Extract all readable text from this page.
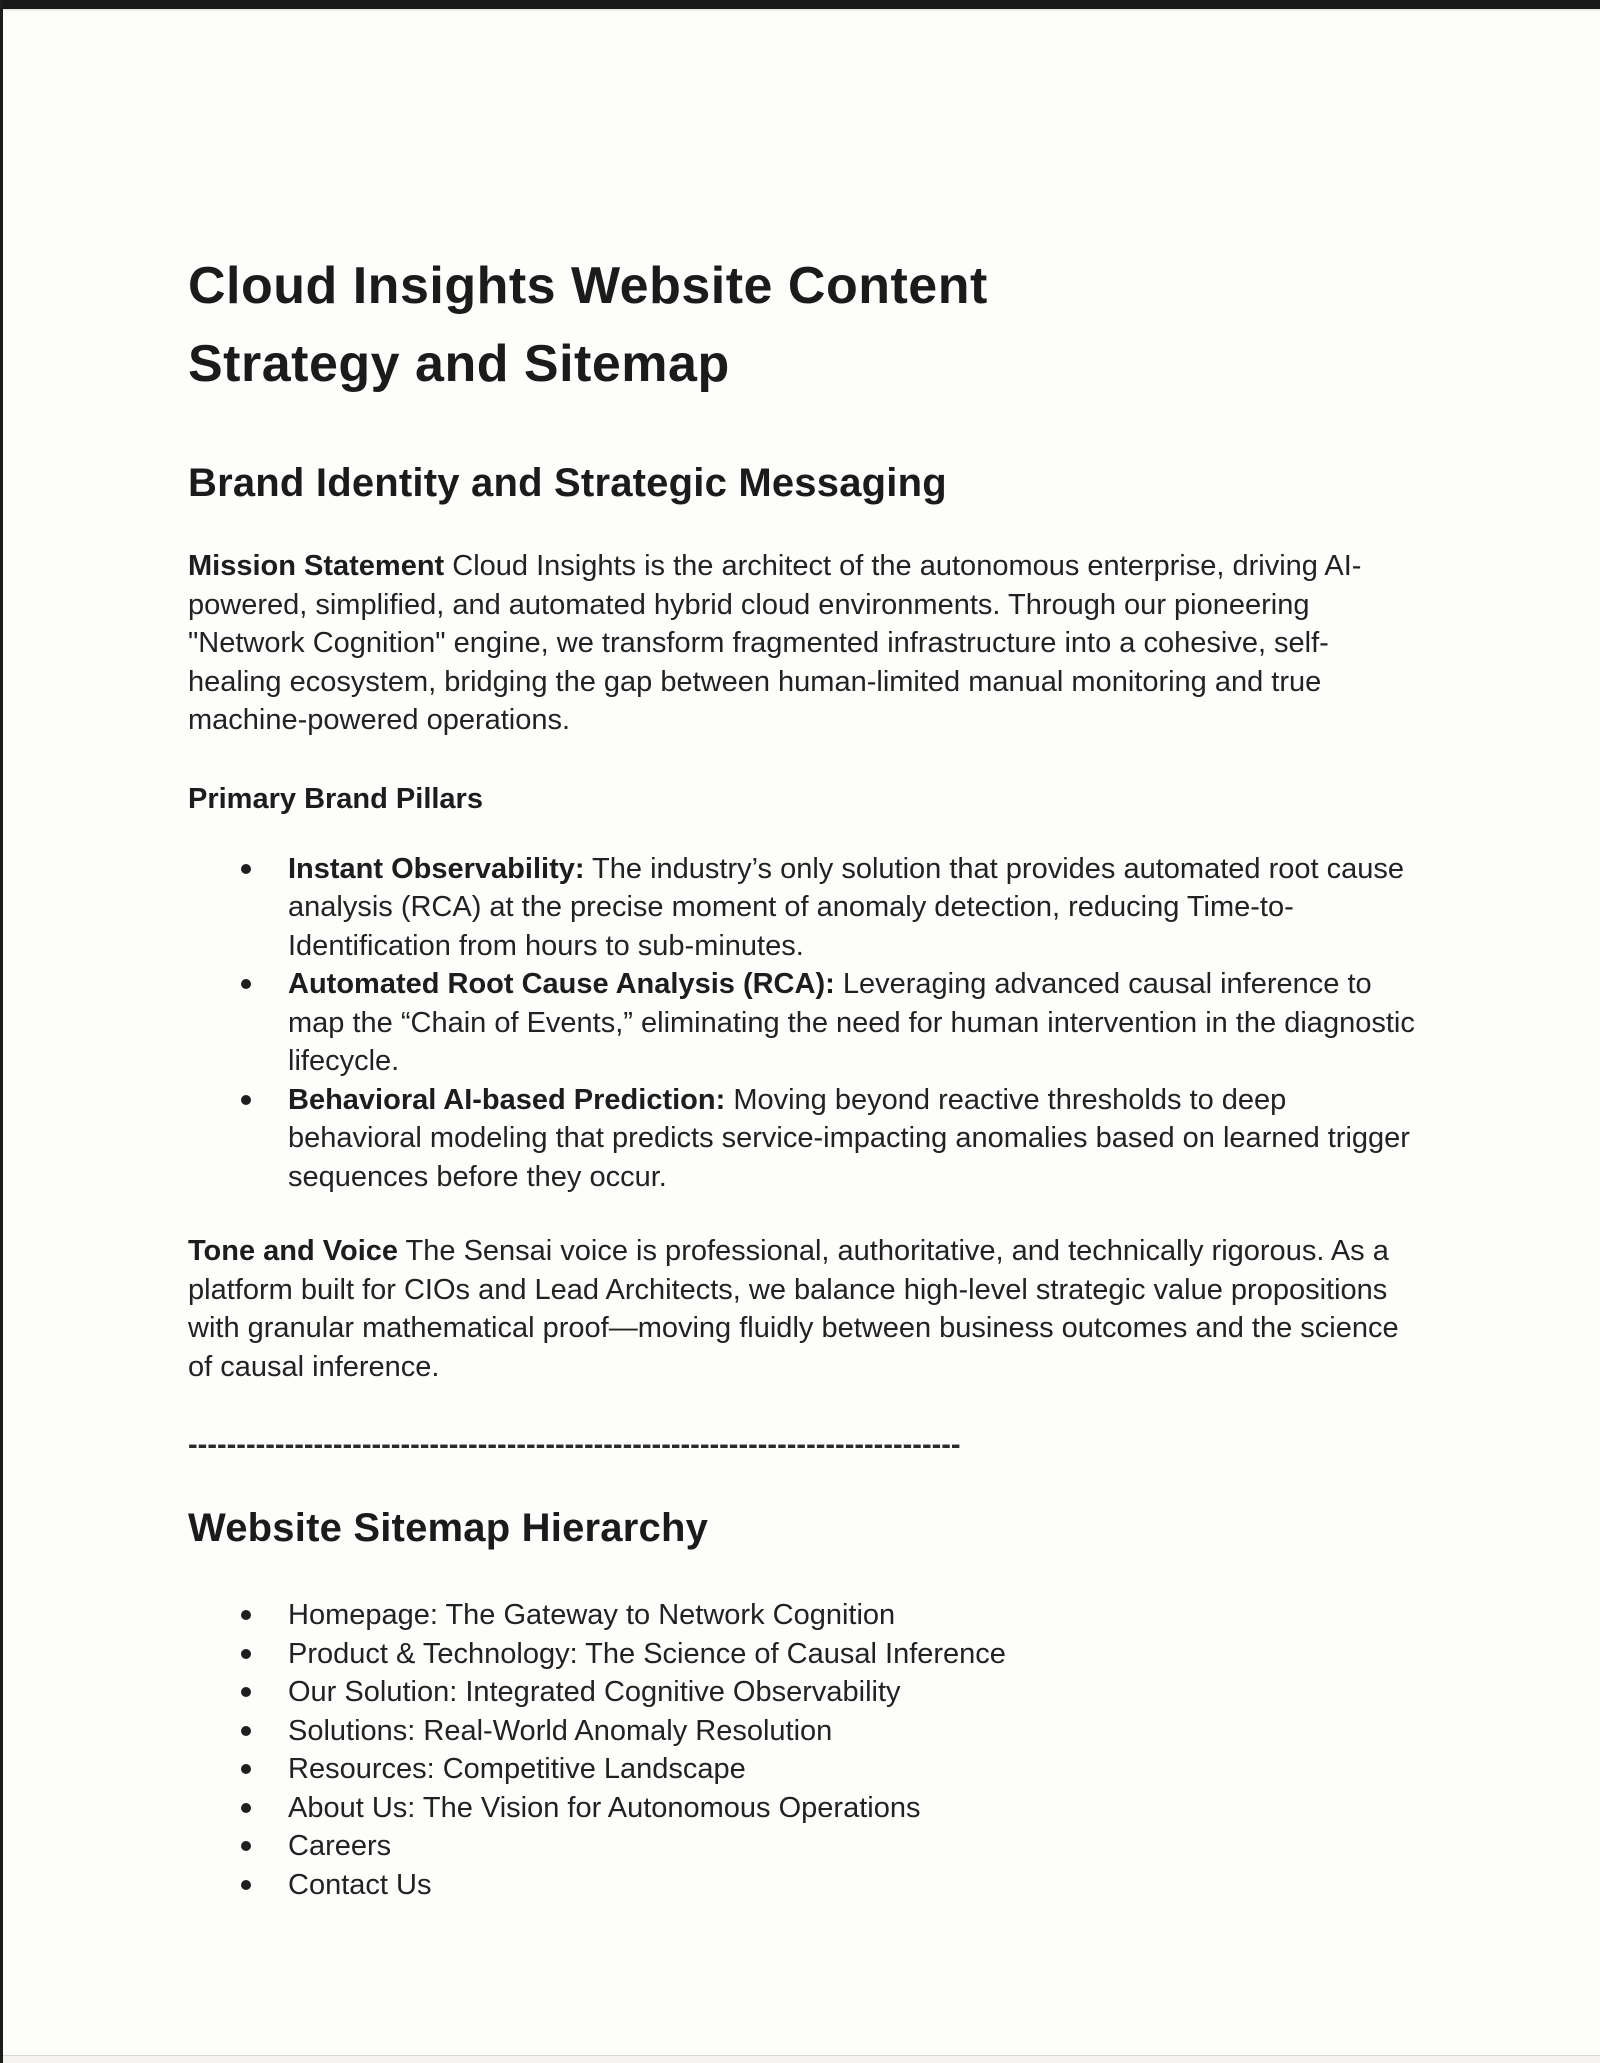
Cloud Insights Website Content
Strategy and Sitemap
Brand Identity and Strategic Messaging

Mission Statement Cloud Insights is the architect of the autonomous enterprise, driving AI-powered, simplified, and automated hybrid cloud environments. Through our pioneering "Network Cognition" engine, we transform fragmented infrastructure into a cohesive, self-healing ecosystem, bridging the gap between human-limited manual monitoring and true machine-powered operations.

Primary Brand Pillars
Instant Observability: The industry’s only solution that provides automated root cause analysis (RCA) at the precise moment of anomaly detection, reducing Time-to-Identification from hours to sub-minutes.
Automated Root Cause Analysis (RCA): Leveraging advanced causal inference to map the “Chain of Events,” eliminating the need for human intervention in the diagnostic lifecycle.
Behavioral AI-based Prediction: Moving beyond reactive thresholds to deep behavioral modeling that predicts service-impacting anomalies based on learned trigger sequences before they occur.

Tone and Voice The Sensai voice is professional, authoritative, and technically rigorous. As a platform built for CIOs and Lead Architects, we balance high-level strategic value propositions with granular mathematical proof—moving fluidly between business outcomes and the science of causal inference.

--------------------------------------------------------------------------------
Website Sitemap Hierarchy
Homepage: The Gateway to Network Cognition
Product & Technology: The Science of Causal Inference
Our Solution: Integrated Cognitive Observability
Solutions: Real-World Anomaly Resolution
Resources: Competitive Landscape
About Us: The Vision for Autonomous Operations
Careers
Contact Us
